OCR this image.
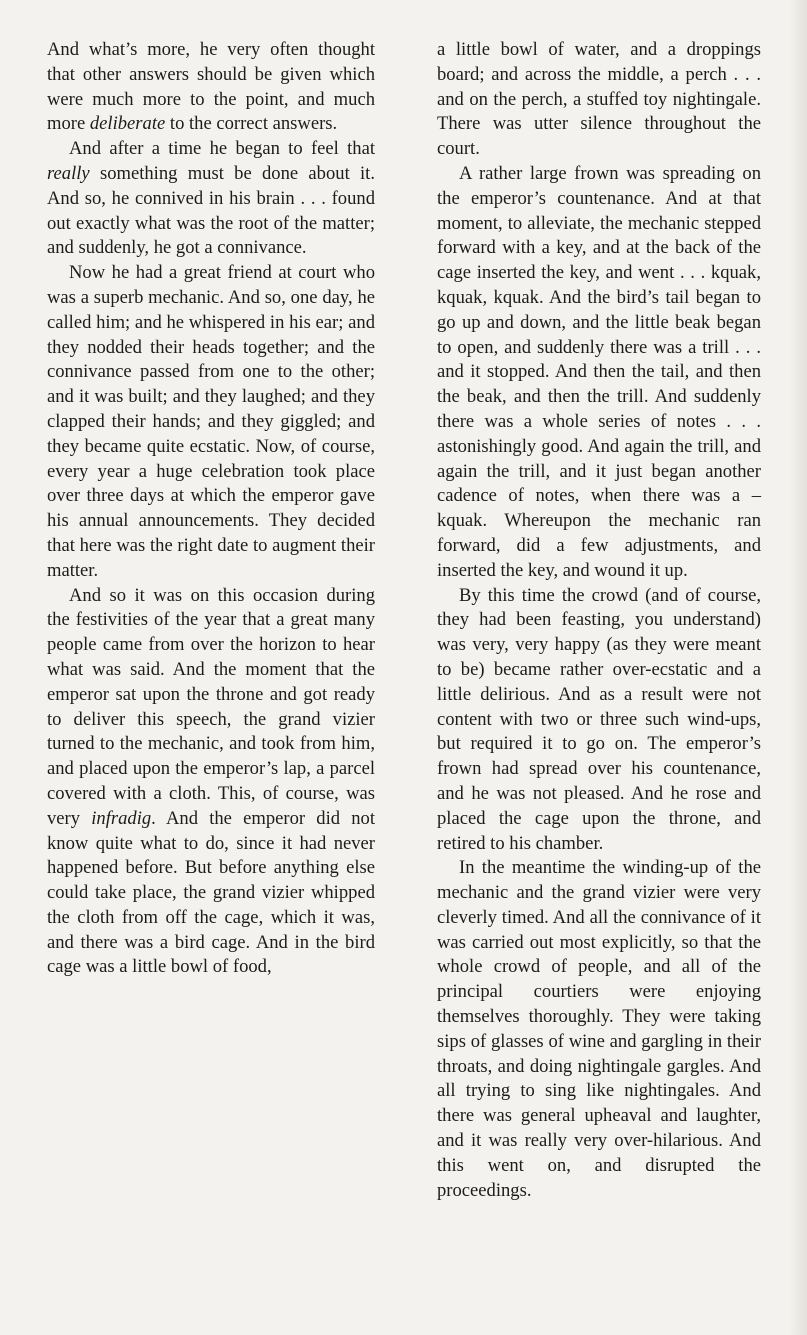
And what’s more, he very often thought that other answers should be given which were much more to the point, and much more deliberate to the correct answers.

And after a time he began to feel that really something must be done about it. And so, he connived in his brain . . . found out exactly what was the root of the matter; and suddenly, he got a connivance.

Now he had a great friend at court who was a superb mechanic. And so, one day, he called him; and he whispered in his ear; and they nodded their heads together; and the connivance passed from one to the other; and it was built; and they laughed; and they clapped their hands; and they giggled; and they became quite ecstatic. Now, of course, every year a huge celebration took place over three days at which the emperor gave his annual announcements. They decided that here was the right date to augment their matter.

And so it was on this occasion during the festivities of the year that a great many people came from over the horizon to hear what was said. And the moment that the emperor sat upon the throne and got ready to deliver this speech, the grand vizier turned to the mechanic, and took from him, and placed upon the emperor’s lap, a parcel covered with a cloth. This, of course, was very infradig. And the emperor did not know quite what to do, since it had never happened before. But before anything else could take place, the grand vizier whipped the cloth from off the cage, which it was, and there was a bird cage. And in the bird cage was a little bowl of food,

a little bowl of water, and a droppings board; and across the middle, a perch . . . and on the perch, a stuffed toy nightingale. There was utter silence throughout the court.

A rather large frown was spreading on the emperor’s countenance. And at that moment, to alleviate, the mechanic stepped forward with a key, and at the back of the cage inserted the key, and went . . . kquak, kquak, kquak. And the bird’s tail began to go up and down, and the little beak began to open, and suddenly there was a trill . . . and it stopped. And then the tail, and then the beak, and then the trill. And suddenly there was a whole series of notes . . . astonishingly good. And again the trill, and again the trill, and it just began another cadence of notes, when there was a – kquak. Whereupon the mechanic ran forward, did a few adjustments, and inserted the key, and wound it up.

By this time the crowd (and of course, they had been feasting, you understand) was very, very happy (as they were meant to be) became rather over-ecstatic and a little delirious. And as a result were not content with two or three such wind-ups, but required it to go on. The emperor’s frown had spread over his countenance, and he was not pleased. And he rose and placed the cage upon the throne, and retired to his chamber.

In the meantime the winding-up of the mechanic and the grand vizier were very cleverly timed. And all the connivance of it was carried out most explicitly, so that the whole crowd of people, and all of the principal courtiers were enjoying themselves thoroughly. They were taking sips of glasses of wine and gargling in their throats, and doing nightingale gargles. And all trying to sing like nightingales. And there was general upheaval and laughter, and it was really very over-hilarious. And this went on, and disrupted the proceedings.
